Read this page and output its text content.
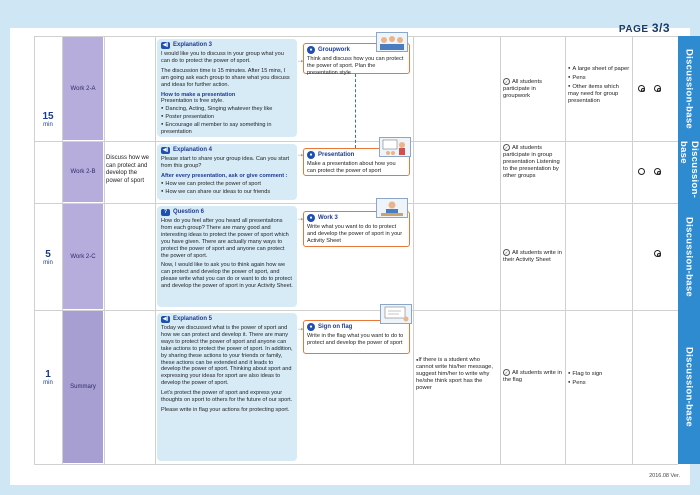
PAGE 3/3
Discussion-base
Discussion-base
Discussion-base
Discussion-base
15
min
5
min
1
min
Work 2-A
Work 2-B
Work 2-C
Summary
Discuss how we can protect and develop the power of sport
◀) Explanation 3

I would like you to discuss in your group what you can do to protect the power of sport.

The discussion time is 15 minutes. After 15 mins, I am going ask each group to share what you discuss and ideas for further action.

How to make a presentation
Presentation is free style.
● Dancing, Acting, Singing whatever they like
● Poster presentation
● Encourage all member to say something in presentation
⇢
● Groupwork
Think and discuss how you can protect the power of sport. Plan the presentation style
✓ All students participate in groupwork
● A large sheet of paper
● Pens
● Other items which may need for group presentation
◀) Explanation 4

Please start to share your group idea. Can you start from this group?

After every presentation, ask or give comment :
● How we can protect the power of sport
● How we can share our ideas to our friends
⇢	● Presentation
Make a presentation about how you can protect the power of sport
✓ All students participate in group presentation Listening to the presentation by other groups
? Question 6

How do you feel after you heard all presentaitons from each group? There are many good and interesting ideas to protect the power of sport which you have given. There are actually many ways to protect the power of sport and anyone can protect the power of sport.

Now, I would like to ask you to think again how we can protect and develop the power of sport, and please write what you can do or want to do to protect and develop the power of sport in your Activity Sheet.

⇢	● Work 3
Write what you want to do to protect and develop the power of sport in your Activity Sheet
✓ All students write in their Activity Sheet
◀) Explanation 5

Today we discussed what is the power of sport and how we can protect and develop it. There are many ways to protect the power of sport and anyone can take actions to protect the power of sport. In addition, by sharing these actions to your friends or family, these actions can be extended and it leads to develop the power of sport. Thinking about sport and expressing your ideas for sport are also ideas to develop the power of sport.

Let's protect the power of sport and express your thoughts on sport to others for the future of our sport.

Please write in flag your actions for protecting sport.

⇢
● Sign on flag
Write in the flag what you want to do to protect and develop the power of sport
●If there is a student who cannot write his/her message, suggest him/her to write why he/she think sport has the power
✓ All students write in the flag
● Flag to sign
● Pens
2016.08 Ver.
